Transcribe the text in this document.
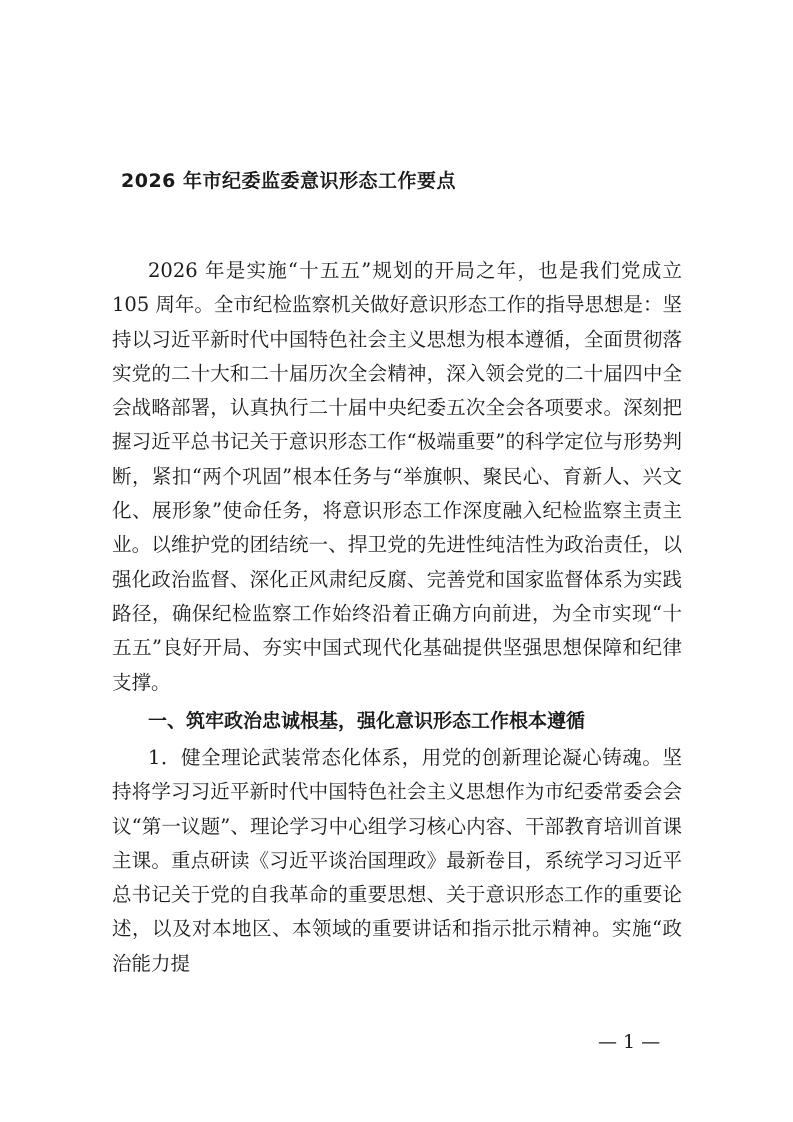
2026 年市纪委监委意识形态工作要点
2026 年是实施“十五五”规划的开局之年，也是我们党成立 105 周年。全市纪检监察机关做好意识形态工作的指导思想是：坚持以习近平新时代中国特色社会主义思想为根本遵循，全面贯彻落实党的二十大和二十届历次全会精神，深入领会党的二十届四中全会战略部署，认真执行二十届中央纪委五次全会各项要求。深刻把握习近平总书记关于意识形态工作“极端重要”的科学定位与形势判断，紧扣“两个巩固”根本任务与“举旗帜、聚民心、育新人、兴文化、展形象”使命任务，将意识形态工作深度融入纪检监察主责主业。以维护党的团结统一、捍卫党的先进性纯洁性为政治责任，以强化政治监督、深化正风肃纪反腐、完善党和国家监督体系为实践路径，确保纪检监察工作始终沿着正确方向前进，为全市实现“十五五”良好开局、夯实中国式现代化基础提供坚强思想保障和纪律支撑。
一、筑牢政治忠诚根基，强化意识形态工作根本遵循
1．健全理论武装常态化体系，用党的创新理论凝心铸魂。坚持将学习习近平新时代中国特色社会主义思想作为市纪委常委会会议“第一议题”、理论学习中心组学习核心内容、干部教育培训首课主课。重点研读《习近平谈治国理政》最新卷目，系统学习习近平总书记关于党的自我革命的重要思想、关于意识形态工作的重要论述，以及对本地区、本领域的重要讲话和指示批示精神。实施“政治能力提
— 1 —
